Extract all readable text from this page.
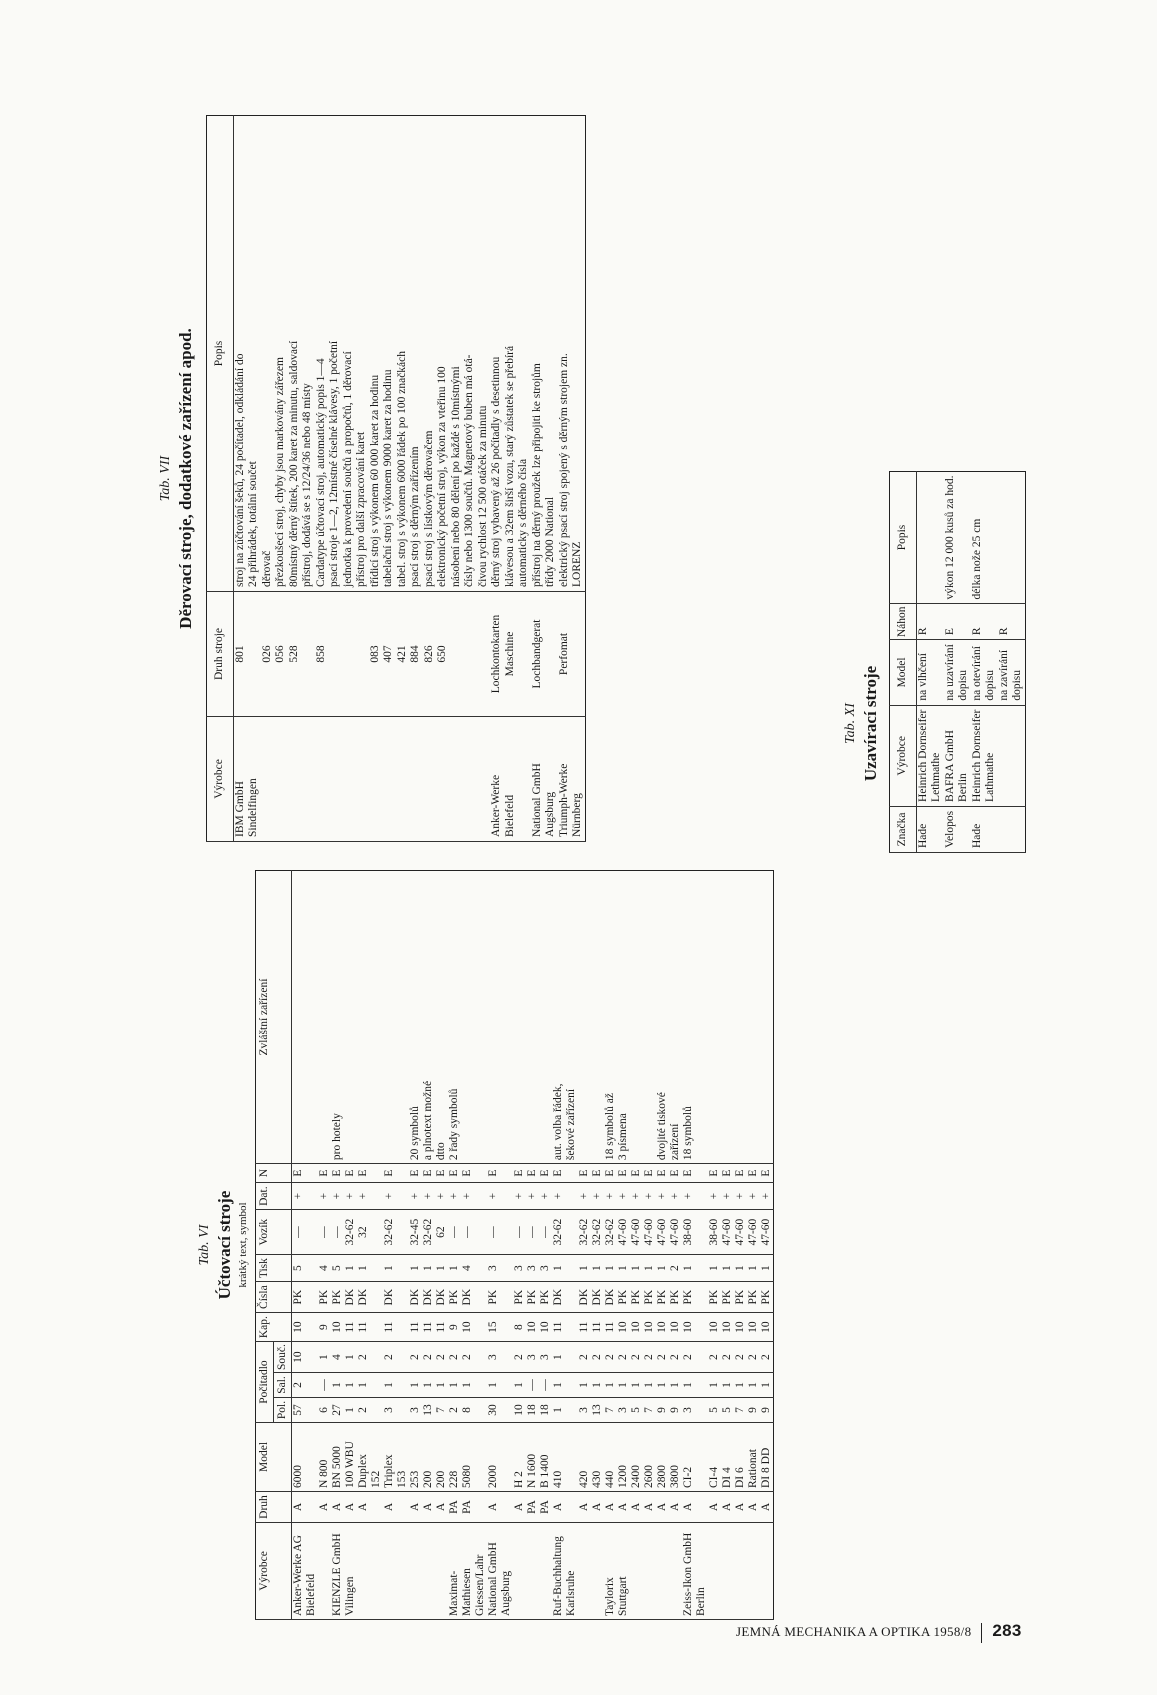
Tab. VI Účtovací stroje krátký text, symbol
Výrobce	Druh	Model	Počitadlo			Kap.	Čísla	Tisk	Vozík	Dat.	N	Zvláštní zařízení
			Pol.	Sal.	Souč.							
Anker-Werke AG	A	6000	57	2	10	10	PK	5	—	+	E	
Bielefeld												

	A	N 800	6	—	1	9	PK	4	—	+	E	
KIENZLE GmbH	A	BN 5000	27	1	4	10	PK	5	—	+	E	pro hotely
Vilingen	A	100 WBU	1	1	1	11	DK	1	32-62	+	E	

	A	Duplex	2	1	2	11	DK	1	32	+	E	
		152										
	A	Triplex	3	1	2	11	DK	1	32-62	+	E	
		153										
	A	253	3	1	2	11	DK	1	32-45	+	E	20 symbolů
	A	200	13	1	2	11	DK	1	32-62	+	E	a plnotext možné

	A	200	7	1	2	11	DK	1	62	+	E	dtto
Maximat-	PA	228	2	1	2	9	PK	1	—	+	E	2 řady symbolů
Mathiesen	PA	5080	8	1	2	10	DK	4	—	+	E	
Giessen/Lahr												

National GmbH	A	2000	30	1	3	15	PK	3	—	+	E	
Augsburg												
	A	H 2	10	1	2	8	PK	3	—	+	E	
	PA	N 1600	18	—	3	10	PK	3	—	+	E	
	PA	B 1400	18	—	3	10	PK	3	—	+	E	
Ruf-Buchhaltung	A	410	1	1	1	11	DK	1	32-62	+	E	aut. volba řádek,
Karlsruhe												šekové zařízení

	A	420	3	1	2	11	DK	1	32-62	+	E	

	A	430	13	1	2	11	DK	1	32-62	+	E	
Taylorix	A	440	7	1	2	11	DK	1	32-62	+	E	18 symbolů až
Stuttgart	A	1200	3	1	2	10	PK	1	47-60	+	E	3 písmena

	A	2400	5	1	2	10	PK	1	47-60	+	E	
	A	2600	7	1	2	10	PK	1	47-60	+	E	
	A	2800	9	1	2	10	PK	1	47-60	+	E	dvojité tiskové
	A	3800	9	1	2	10	PK	2	47-60	+	E	zařízení

Zeiss-Ikon GmbH	A	CI-2	3	1	2	10	PK	1	38-60	+	E	18 symbolů
Berlin												
	A	CI-4	5	1	2	10	PK	1	38-60	+	E	
	A	DI 4	5	1	2	10	PK	1	47-60	+	E	
	A	DI 6	7	1	2	10	PK	1	47-60	+	E	
	A	Rationat	9	1	2	10	PK	1	47-60	+	E	
	A	DI 8 DD	9	1	2	10	PK	1	47-60	+	E	
Tab. VII Děrovací stroje, dodatkové zařízení apod.
Výrobce	Druh stroje	Popis
IBM GmbH	801	stroj na zúčtování šeků, 24 počítadel, odkládání do
Sindelfingen		24 přihrádek, totální součet
	026	děrovač
	056	přezkoušecí stroj, chyby jsou markovány zářezem
	528	80místný děrný štítek, 200 karet za minutu, saldovací
		přístroj, dodává se s 12/24/36 nebo 48 místy
	858	Cardatype účtovací stroj, automatický popis 1—4
		psací stroje 1—2, 12místné číselné klávesy, 1 početní
		jednotka k provedení součtů a propočtů, 1 děrovací
		přístroj pro další zpracování karet
	083	třídicí stroj s výkonem 60 000 karet za hodinu
	407	tabelační stroj s výkonem 9000 karet za hodinu
	421	tabel. stroj s výkonem 6000 řádek po 100 značkách
	884	psací stroj s děrným zařízením
	826	psací stroj s lístkovým děrovačem
	650	elektronický početní stroj, výkon za vteřinu 100
		násobení nebo 80 dělení po každé s 10místnými
		čísly nebo 1300 součtů. Magnetový buben má otá-
		čivou rychlost 12 500 otáček za minutu
Anker-Werke	Lochkontokarten	děrný stroj vybavený až 26 počítadly s desetinnou
Bielefeld	Maschine	klávesou a 32em širší vozu, starý zůstatek se přebírá
		automaticky s děrného čísla
National GmbH	Lochbandgerat	přístroj na děrný proužek lze připojiti ke strojům
Augsburg		třídy 2000 National
Triumph-Werke	Perfomat	elektrický psací stroj spojený s děrným strojem zn.
Nürnberg		LORENZ
Tab. XI Uzavírací stroje
Značka	Výrobce	Model	Náhon	Popis
Hade	Heinrich Dornseifer	na vlhčení	R	
	Lethmathe			
Velopos	BAFRA GmbH	na uzavírání	E	výkon 12 000 kusů za hod.
	Berlin	dopisu		
Hade	Heinrich Dornseifer	na otevírání	R	délka nože 25 cm
	Lathmathe	dopisu		
		na zavírání	R	
		dopisu		
JEMNÁ MECHANIKA A OPTIKA 1958/8 283
